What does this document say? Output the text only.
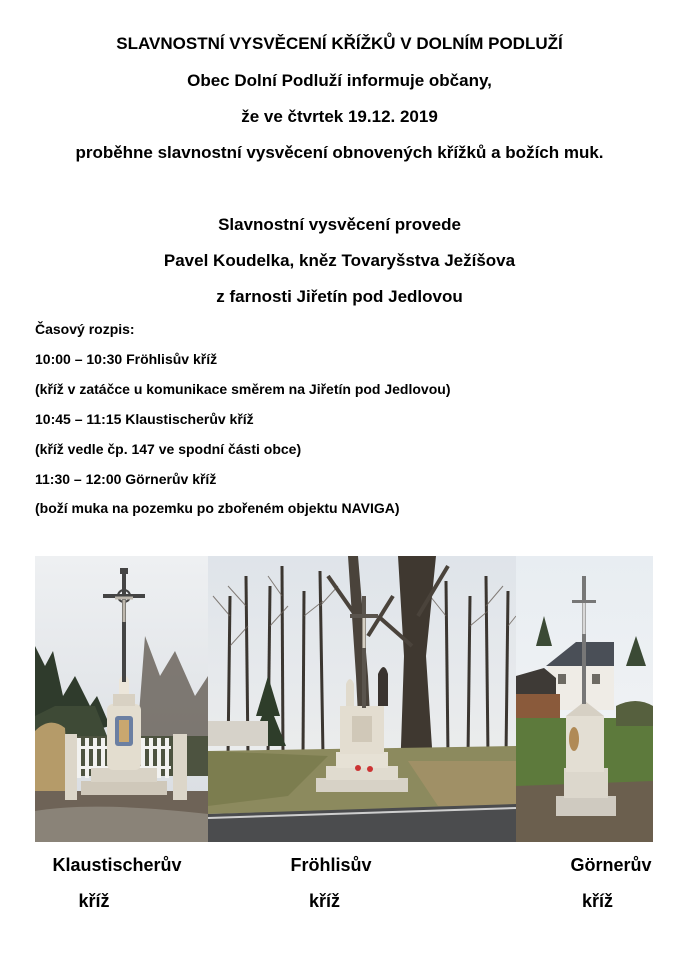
SLAVNOSTNÍ VYSVĚCENÍ KŘÍŽKŮ V DOLNÍM PODLUŽÍ
Obec Dolní Podluží informuje občany,
že ve čtvrtek 19.12. 2019
proběhne slavnostní vysvěcení obnovených křížků a božích muk.
Slavnostní vysvěcení provede
Pavel Koudelka, kněz Tovaryšstva Ježíšova
z farnosti Jiřetín pod Jedlovou
Časový rozpis:
10:00 – 10:30 Fröhlisův kříž
(kříž v zatáčce u komunikace směrem na Jiřetín pod Jedlovou)
10:45 – 11:15 Klaustischerův kříž
(kříž vedle čp. 147 ve spodní části obce)
11:30 – 12:00 Görnerův kříž
(boží muka na pozemku po zbořeném objektu NAVIGA)
Klaustischerův
kříž
Fröhlisův
kříž
Görnerův
kříž
